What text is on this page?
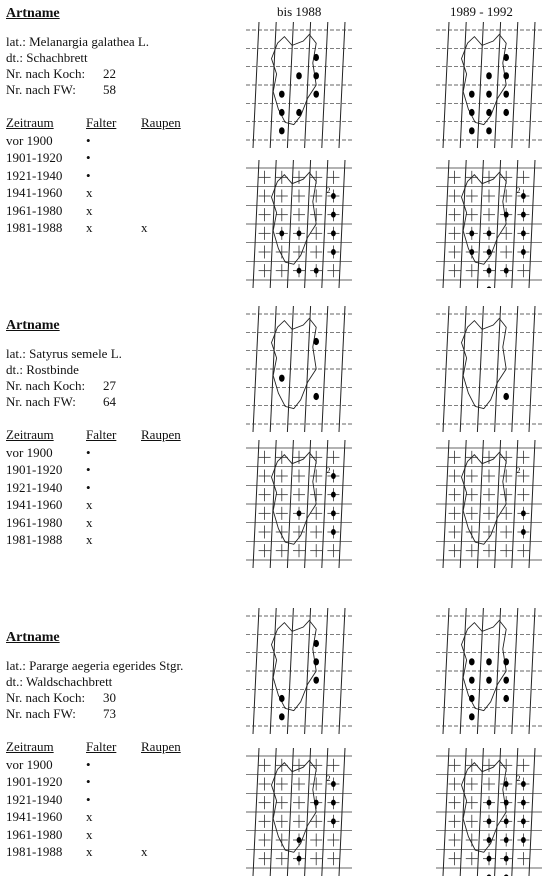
bis 1988	1989 - 1992
Artname
lat.: Melanargia galathea L.
dt.: Schachbrett
Nr. nach Koch:	22
Nr. nach FW:	58
Zeitraum	Falter	Raupen
vor 1900	•
1901-1920	•
1921-1940	•
1941-1960	x
1961-1980	x
1981-1988	x	x
Artname
lat.: Satyrus semele L.
dt.: Rostbinde
Nr. nach Koch:	27
Nr. nach FW:	64
Zeitraum	Falter	Raupen
vor 1900	•
1901-1920	•
1921-1940	•
1941-1960	x
1961-1980	x
1981-1988	x
Artname
lat.: Pararge aegeria egerides Stgr.
dt.: Waldschachbrett
Nr. nach Koch:	30
Nr. nach FW:	73
Zeitraum	Falter	Raupen
vor 1900	•
1901-1920	•
1921-1940	•
1941-1960	x
1961-1980	x
1981-1988	x	x
2	2
2	2
2	2
